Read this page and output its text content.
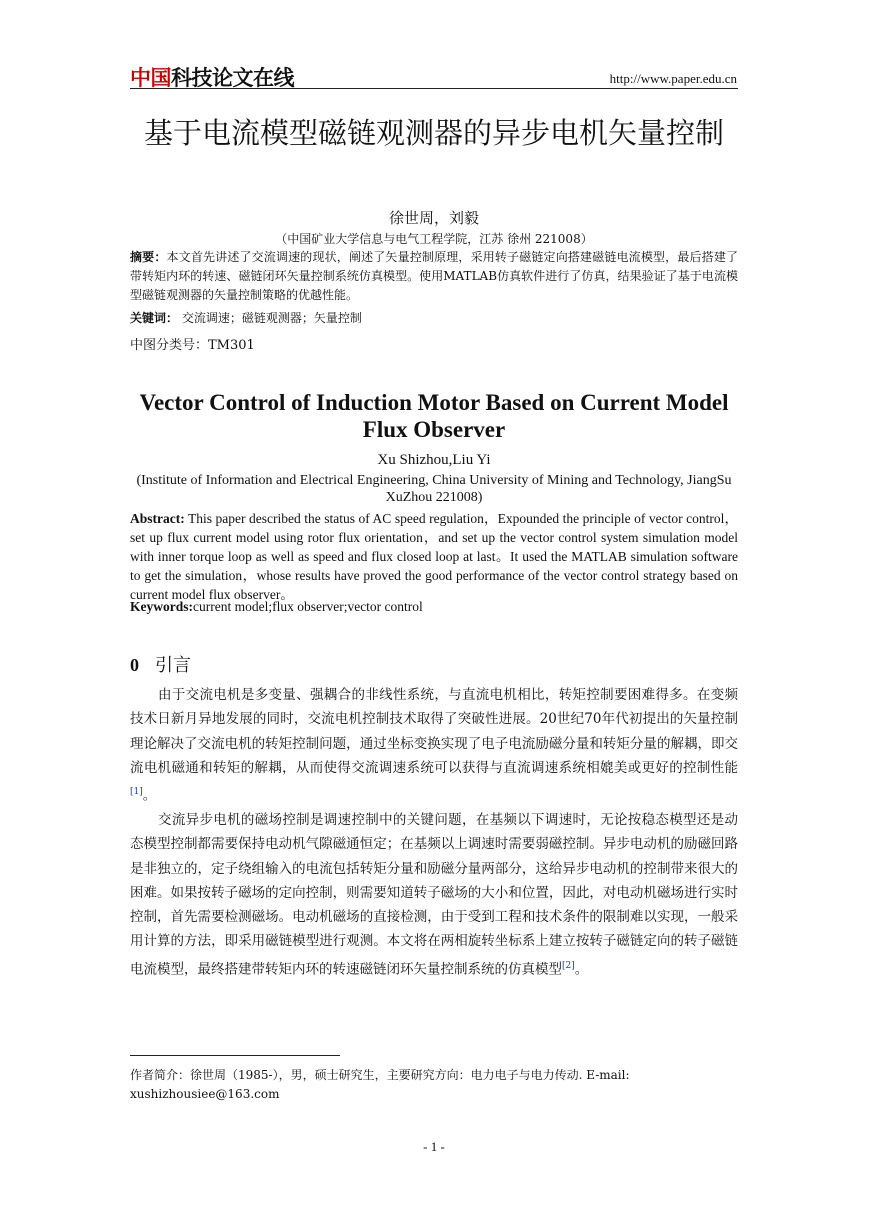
中国科技论文在线	http://www.paper.edu.cn
基于电流模型磁链观测器的异步电机矢量控制
徐世周，刘毅
（中国矿业大学信息与电气工程学院，江苏 徐州 221008）
摘要：本文首先讲述了交流调速的现状，阐述了矢量控制原理，采用转子磁链定向搭建磁链电流模型，最后搭建了带转矩内环的转速、磁链闭环矢量控制系统仿真模型。使用MATLAB仿真软件进行了仿真，结果验证了基于电流模型磁链观测器的矢量控制策略的优越性能。
关键词： 交流调速；磁链观测器；矢量控制
中图分类号：TM301
Vector Control of Induction Motor Based on Current Model Flux Observer
Xu Shizhou,Liu Yi
(Institute of Information and Electrical Engineering, China University of Mining and Technology, JiangSu XuZhou 221008)
Abstract: This paper described the status of AC speed regulation，Expounded the principle of vector control，set up flux current model using rotor flux orientation，and set up the vector control system simulation model with inner torque loop as well as speed and flux closed loop at last。It used the MATLAB simulation software to get the simulation，whose results have proved the good performance of the vector control strategy based on current model flux observer。
Keywords:current model;flux observer;vector control
0 引言

由于交流电机是多变量、强耦合的非线性系统，与直流电机相比，转矩控制要困难得多。在变频技术日新月异地发展的同时，交流电机控制技术取得了突破性进展。20世纪70年代初提出的矢量控制理论解决了交流电机的转矩控制问题，通过坐标变换实现了电子电流励磁分量和转矩分量的解耦，即交流电机磁通和转矩的解耦，从而使得交流调速系统可以获得与直流调速系统相媲美或更好的控制性能[1]。

交流异步电机的磁场控制是调速控制中的关键问题，在基频以下调速时，无论按稳态模型还是动态模型控制都需要保持电动机气隙磁通恒定；在基频以上调速时需要弱磁控制。异步电动机的励磁回路是非独立的，定子绕组输入的电流包括转矩分量和励磁分量两部分，这给异步电动机的控制带来很大的困难。如果按转子磁场的定向控制，则需要知道转子磁场的大小和位置，因此，对电动机磁场进行实时控制，首先需要检测磁场。电动机磁场的直接检测，由于受到工程和技术条件的限制难以实现，一般采用计算的方法，即采用磁链模型进行观测。本文将在两相旋转坐标系上建立按转子磁链定向的转子磁链电流模型，最终搭建带转矩内环的转速磁链闭环矢量控制系统的仿真模型[2]。

作者简介：徐世周（1985-），男，硕士研究生，主要研究方向：电力电子与电力传动. E-mail: xushizhousiee@163.com
- 1 -
